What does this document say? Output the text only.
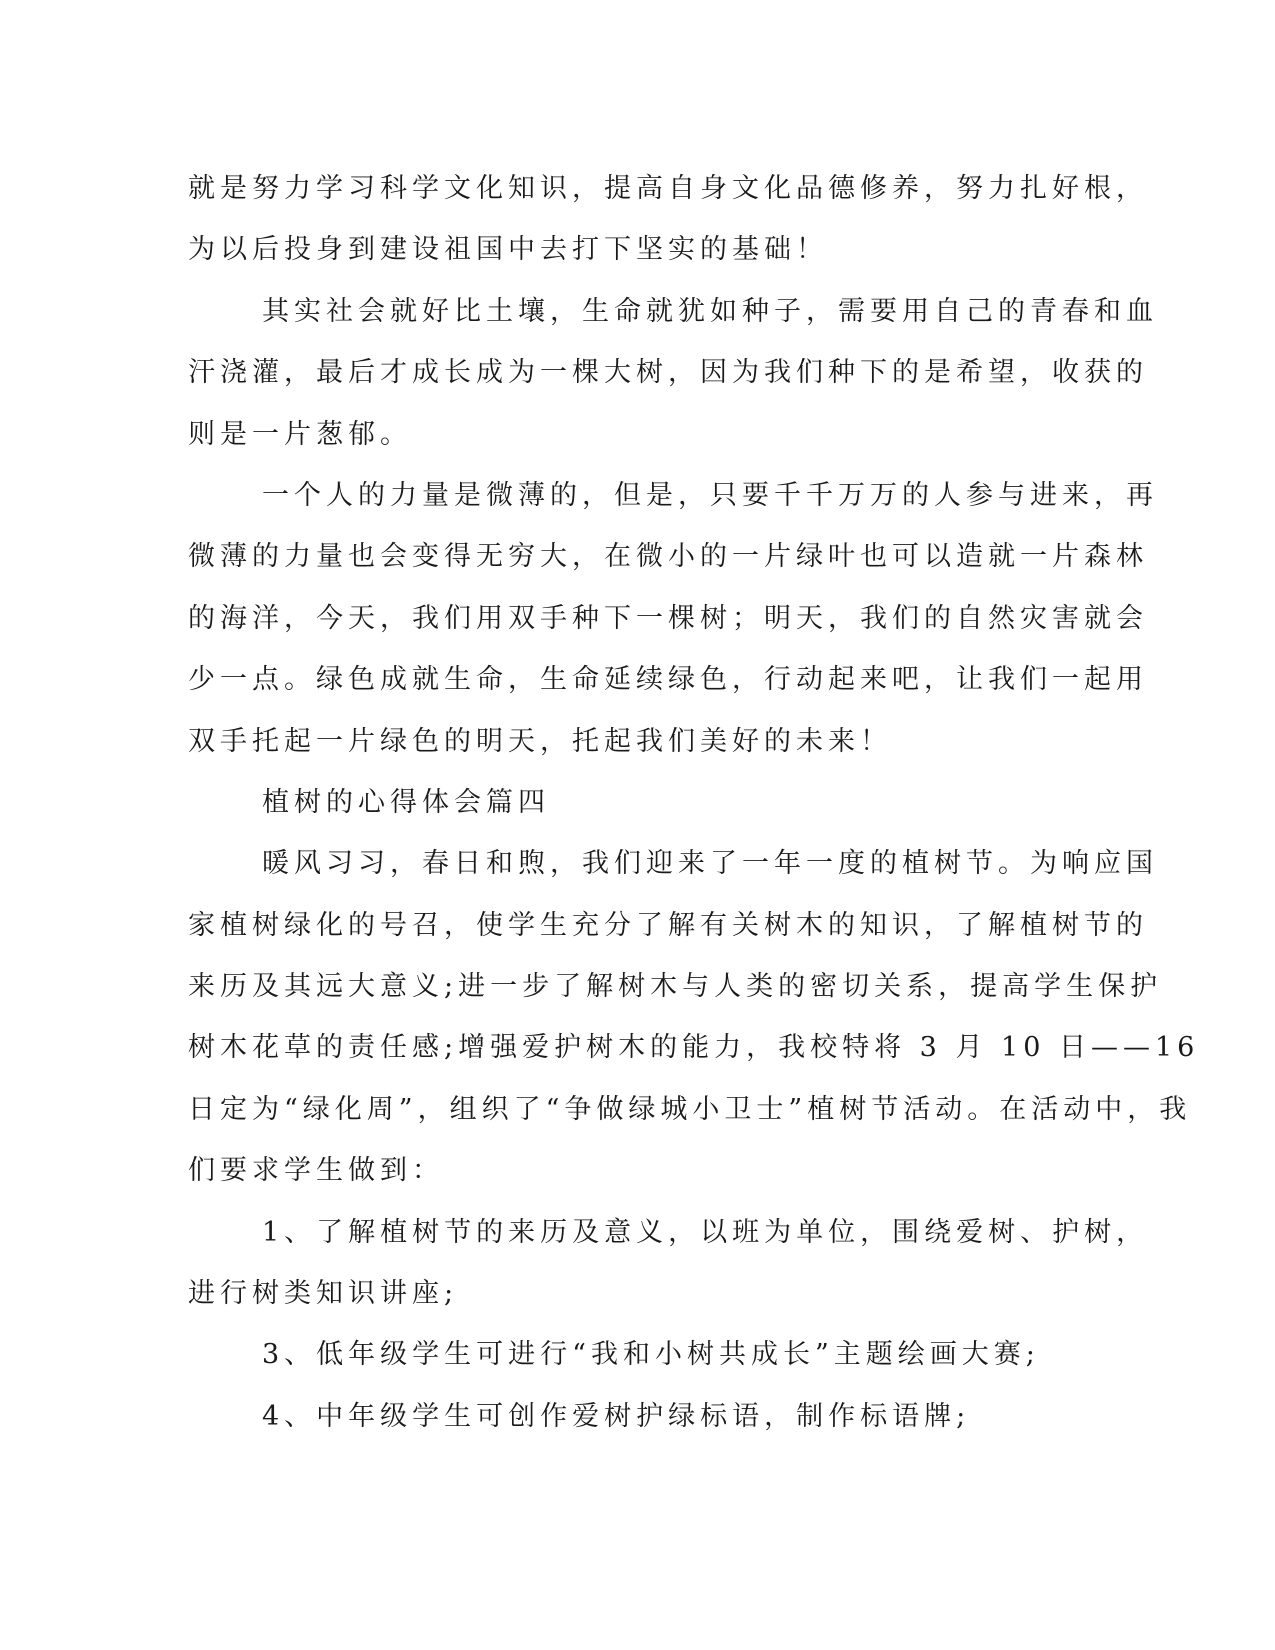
就是努力学习科学文化知识，提高自身文化品德修养，努力扎好根，
为以后投身到建设祖国中去打下坚实的基础！
其实社会就好比土壤，生命就犹如种子，需要用自己的青春和血
汗浇灌，最后才成长成为一棵大树，因为我们种下的是希望，收获的
则是一片葱郁。
一个人的力量是微薄的，但是，只要千千万万的人参与进来，再
微薄的力量也会变得无穷大，在微小的一片绿叶也可以造就一片森林
的海洋，今天，我们用双手种下一棵树；明天，我们的自然灾害就会
少一点。绿色成就生命，生命延续绿色，行动起来吧，让我们一起用
双手托起一片绿色的明天，托起我们美好的未来！
植树的心得体会篇四
暖风习习，春日和煦，我们迎来了一年一度的植树节。为响应国
家植树绿化的号召，使学生充分了解有关树木的知识，了解植树节的
来历及其远大意义;进一步了解树木与人类的密切关系，提高学生保护
树木花草的责任感;增强爱护树木的能力，我校特将 3 月 10 日——16
日定为“绿化周”，组织了“争做绿城小卫士”植树节活动。在活动中，我
们要求学生做到：
1、了解植树节的来历及意义，以班为单位，围绕爱树、护树，
进行树类知识讲座;
3、低年级学生可进行“我和小树共成长”主题绘画大赛;
4、中年级学生可创作爱树护绿标语，制作标语牌;
